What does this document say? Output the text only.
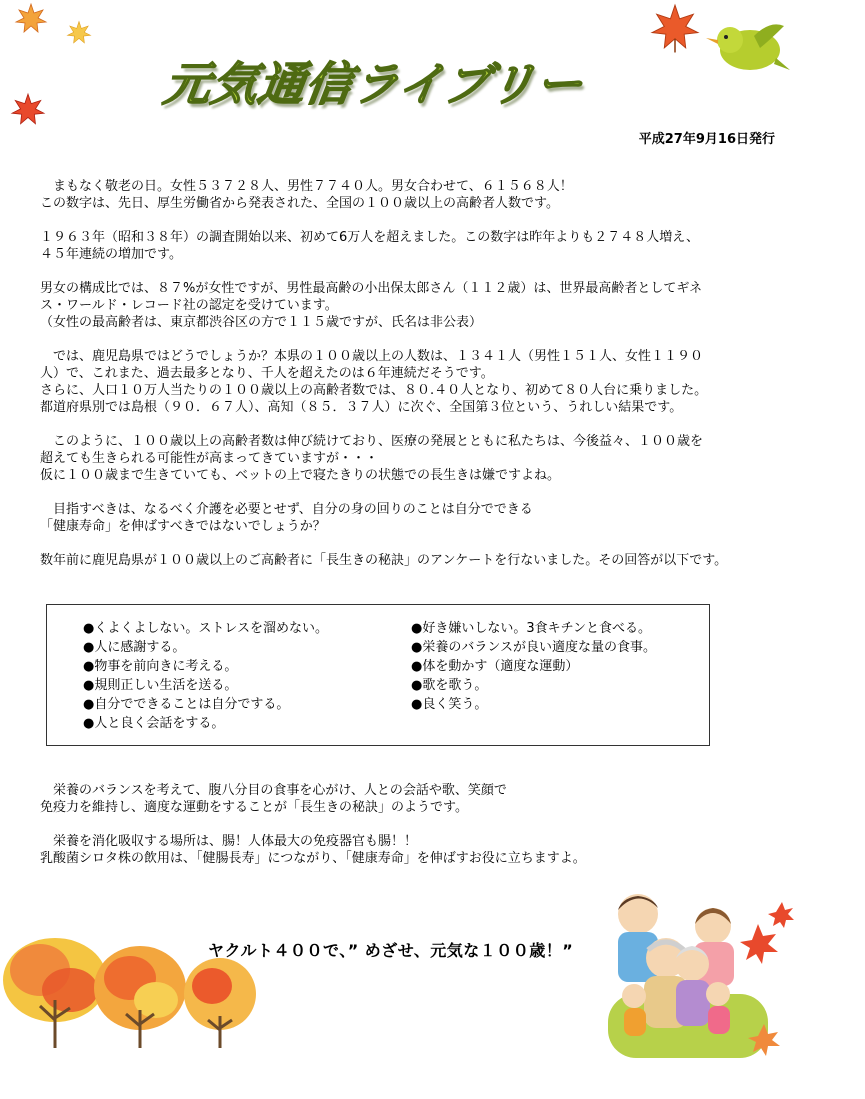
元気通信ライブリー
平成27年9月16日発行

　まもなく敬老の日。女性５３７２８人、男性７７４０人。男女合わせて、６１５６８人！
この数字は、先日、厚生労働省から発表された、全国の１００歳以上の高齢者人数です。

１９６３年（昭和３８年）の調査開始以来、初めて6万人を超えました。この数字は昨年よりも２７４８人増え、
４５年連続の増加です。

男女の構成比では、８７%が女性ですが、男性最高齢の小出保太郎さん（１１２歳）は、世界最高齢者としてギネ
ス・ワールド・レコード社の認定を受けています。
（女性の最高齢者は、東京都渋谷区の方で１１５歳ですが、氏名は非公表）

　では、鹿児島県ではどうでしょうか？本県の１００歳以上の人数は、１３４１人（男性１５１人、女性１１９０
人）で、これまた、過去最多となり、千人を超えたのは６年連続だそうです。
さらに、人口１０万人当たりの１００歳以上の高齢者数では、８０.４０人となり、初めて８０人台に乗りました。
都道府県別では島根（９０．６７人）、高知（８５．３７人）に次ぐ、全国第３位という、うれしい結果です。

　このように、１００歳以上の高齢者数は伸び続けており、医療の発展とともに私たちは、今後益々、１００歳を
超えても生きられる可能性が高まってきていますが・・・
仮に１００歳まで生きていても、ベットの上で寝たきりの状態での長生きは嫌ですよね。

　目指すべきは、なるべく介護を必要とせず、自分の身の回りのことは自分でできる
「健康寿命」を伸ばすべきではないでしょうか？

数年前に鹿児島県が１００歳以上のご高齢者に「長生きの秘訣」のアンケートを行ないました。その回答が以下です。

●くよくよしない。ストレスを溜めない。
●人に感謝する。
●物事を前向きに考える。
●規則正しい生活を送る。
●自分でできることは自分でする。
●人と良く会話をする。
●好き嫌いしない。3食キチンと食べる。
●栄養のバランスが良い適度な量の食事。
●体を動かす（適度な運動）
●歌を歌う。
●良く笑う。

　栄養のバランスを考えて、腹八分目の食事を心がけ、人との会話や歌、笑顔で
免疫力を維持し、適度な運動をすることが「長生きの秘訣」のようです。

　栄養を消化吸収する場所は、腸！人体最大の免疫器官も腸！！
乳酸菌シロタ株の飲用は、「健腸長寿」につながり、「健康寿命」を伸ばすお役に立ちますよ。

ヤクルト４００で、” めざせ、元気な１００歳！”
